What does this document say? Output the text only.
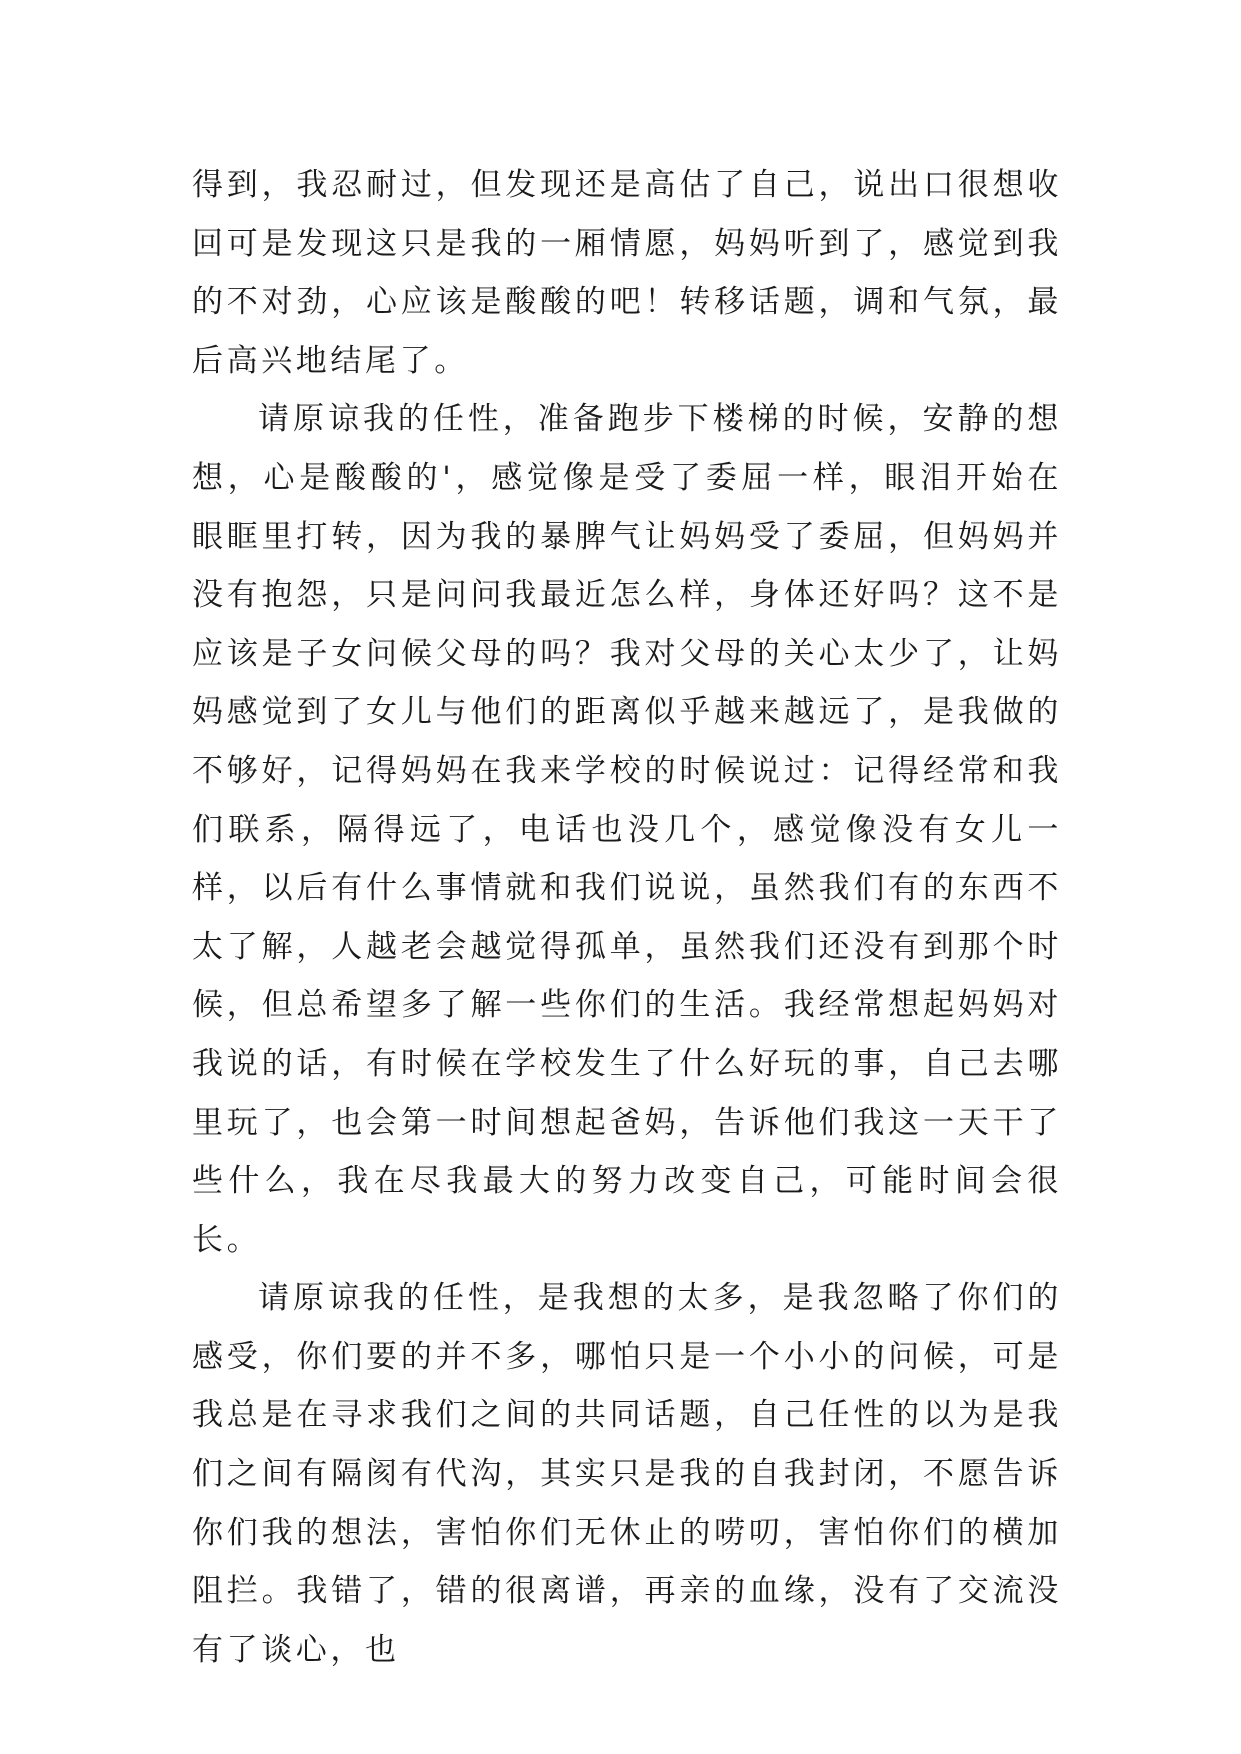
得到，我忍耐过，但发现还是高估了自己，说出口很想收回可是发现这只是我的一厢情愿，妈妈听到了，感觉到我的不对劲，心应该是酸酸的吧！转移话题，调和气氛，最后高兴地结尾了。

请原谅我的任性，准备跑步下楼梯的时候，安静的想想，心是酸酸的'，感觉像是受了委屈一样，眼泪开始在眼眶里打转，因为我的暴脾气让妈妈受了委屈，但妈妈并没有抱怨，只是问问我最近怎么样，身体还好吗？这不是应该是子女问候父母的吗？我对父母的关心太少了，让妈妈感觉到了女儿与他们的距离似乎越来越远了，是我做的不够好，记得妈妈在我来学校的时候说过：记得经常和我们联系，隔得远了，电话也没几个，感觉像没有女儿一样，以后有什么事情就和我们说说，虽然我们有的东西不太了解，人越老会越觉得孤单，虽然我们还没有到那个时候，但总希望多了解一些你们的生活。我经常想起妈妈对我说的话，有时候在学校发生了什么好玩的事，自己去哪里玩了，也会第一时间想起爸妈，告诉他们我这一天干了些什么，我在尽我最大的努力改变自己，可能时间会很长。

请原谅我的任性，是我想的太多，是我忽略了你们的感受，你们要的并不多，哪怕只是一个小小的问候，可是我总是在寻求我们之间的共同话题，自己任性的以为是我们之间有隔阂有代沟，其实只是我的自我封闭，不愿告诉你们我的想法，害怕你们无休止的唠叨，害怕你们的横加阻拦。我错了，错的很离谱，再亲的血缘，没有了交流没有了谈心，也
